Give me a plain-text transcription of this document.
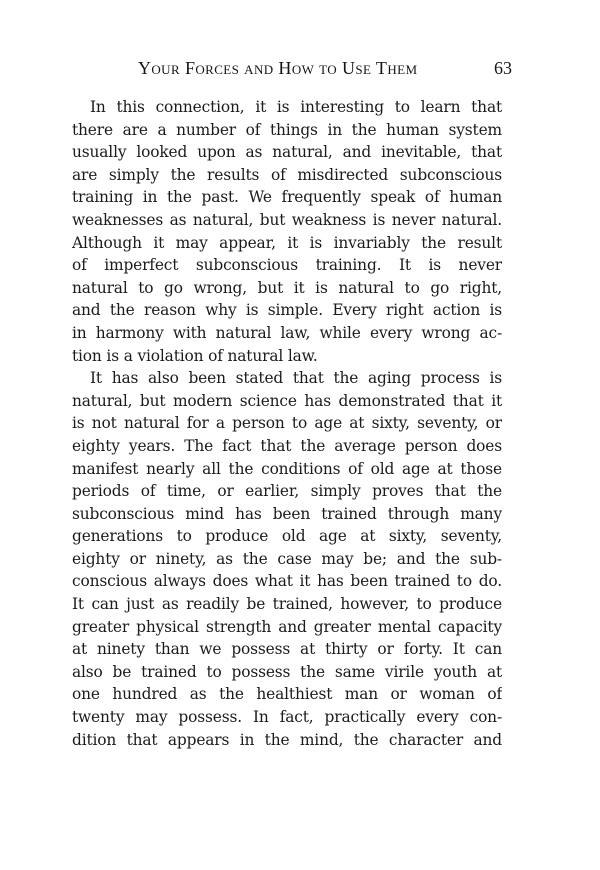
Your Forces and How to Use Them	63
In this connection, it is interesting to learn that
there are a number of things in the human system
usually looked upon as natural, and inevitable, that
are simply the results of misdirected subconscious
training in the past. We frequently speak of human
weaknesses as natural, but weakness is never natural.
Although it may appear, it is invariably the result
of imperfect subconscious training. It is never
natural to go wrong, but it is natural to go right,
and the reason why is simple. Every right action is
in harmony with natural law, while every wrong ac-
tion is a violation of natural law.
It has also been stated that the aging process is
natural, but modern science has demonstrated that it
is not natural for a person to age at sixty, seventy, or
eighty years. The fact that the average person does
manifest nearly all the conditions of old age at those
periods of time, or earlier, simply proves that the
subconscious mind has been trained through many
generations to produce old age at sixty, seventy,
eighty or ninety, as the case may be; and the sub-
conscious always does what it has been trained to do.
It can just as readily be trained, however, to produce
greater physical strength and greater mental capacity
at ninety than we possess at thirty or forty. It can
also be trained to possess the same virile youth at
one hundred as the healthiest man or woman of
twenty may possess. In fact, practically every con-
dition that appears in the mind, the character and
